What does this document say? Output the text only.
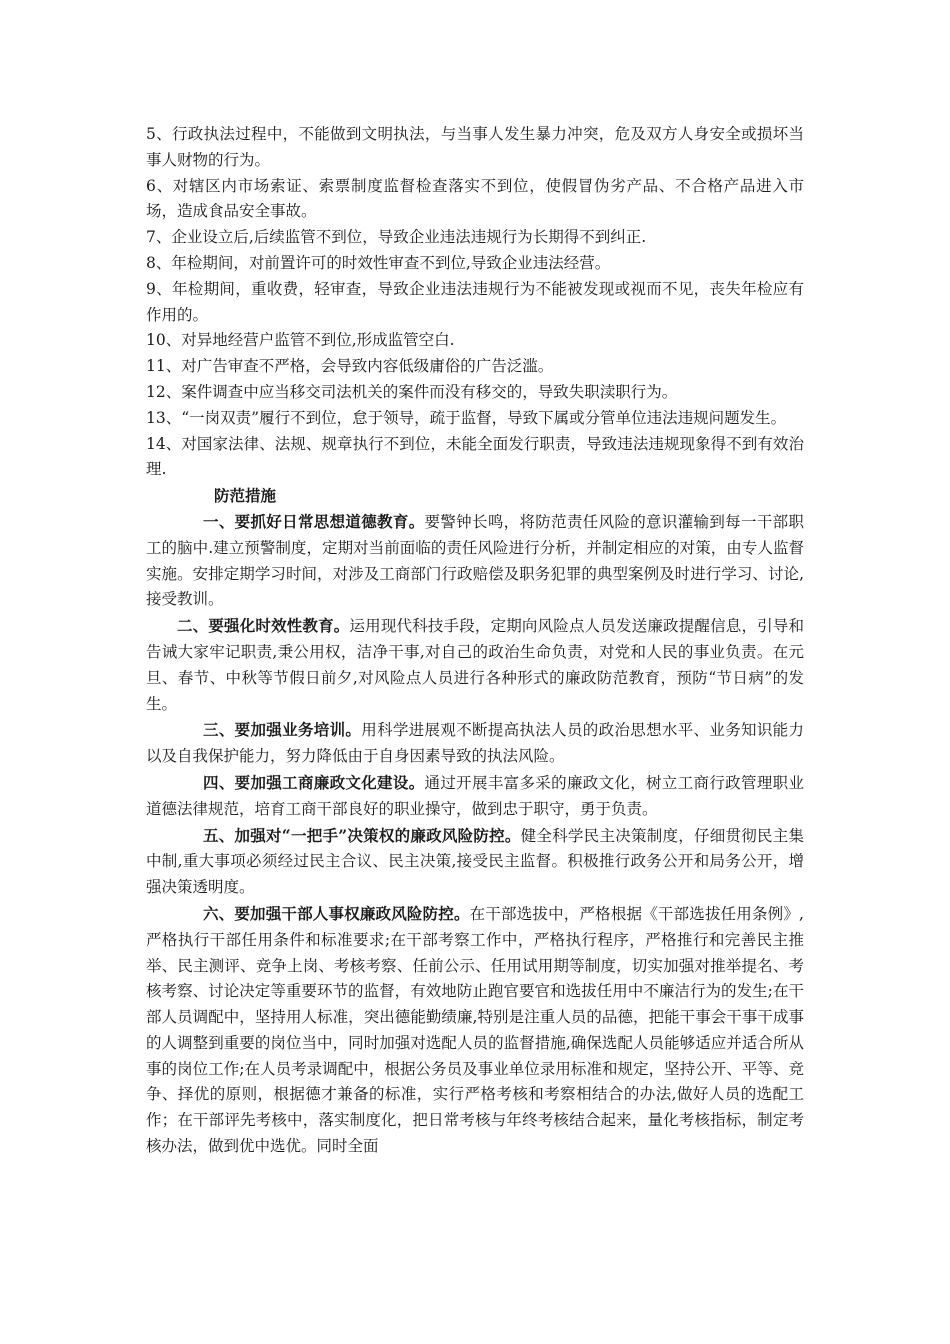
5、行政执法过程中，不能做到文明执法，与当事人发生暴力冲突，危及双方人身安全或损坏当事人财物的行为。

6、对辖区内市场索证、索票制度监督检查落实不到位，使假冒伪劣产品、不合格产品进入市场，造成食品安全事故。

7、企业设立后,后续监管不到位，导致企业违法违规行为长期得不到纠正.

8、年检期间，对前置许可的时效性审查不到位,导致企业违法经营。

9、年检期间，重收费，轻审查，导致企业违法违规行为不能被发现或视而不见，丧失年检应有作用的。

10、对异地经营户监管不到位,形成监管空白.

11、对广告审查不严格，会导致内容低级庸俗的广告泛滥。

12、案件调查中应当移交司法机关的案件而没有移交的，导致失职渎职行为。

13、“一岗双责”履行不到位，怠于领导，疏于监督，导致下属或分管单位违法违规问题发生。

14、对国家法律、法规、规章执行不到位，未能全面发行职责，导致违法违规现象得不到有效治理.

防范措施

一、要抓好日常思想道德教育。要警钟长鸣，将防范责任风险的意识灌输到每一干部职工的脑中.建立预警制度，定期对当前面临的责任风险进行分析，并制定相应的对策，由专人监督实施。安排定期学习时间，对涉及工商部门行政赔偿及职务犯罪的典型案例及时进行学习、讨论,接受教训。

二、要强化时效性教育。运用现代科技手段，定期向风险点人员发送廉政提醒信息，引导和告诫大家牢记职责,秉公用权，洁净干事,对自己的政治生命负责，对党和人民的事业负责。在元旦、春节、中秋等节假日前夕,对风险点人员进行各种形式的廉政防范教育，预防“节日病”的发生。

三、要加强业务培训。用科学进展观不断提高执法人员的政治思想水平、业务知识能力以及自我保护能力，努力降低由于自身因素导致的执法风险。

四、要加强工商廉政文化建设。通过开展丰富多采的廉政文化，树立工商行政管理职业道德法律规范，培育工商干部良好的职业操守，做到忠于职守，勇于负责。

五、加强对“一把手”决策权的廉政风险防控。健全科学民主决策制度，仔细贯彻民主集中制,重大事项必须经过民主合议、民主决策,接受民主监督。积极推行政务公开和局务公开，增强决策透明度。

六、要加强干部人事权廉政风险防控。在干部选拔中，严格根据《干部选拔任用条例》,严格执行干部任用条件和标准要求;在干部考察工作中，严格执行程序，严格推行和完善民主推举、民主测评、竞争上岗、考核考察、任前公示、任用试用期等制度，切实加强对推举提名、考核考察、讨论决定等重要环节的监督，有效地防止跑官要官和选拔任用中不廉洁行为的发生;在干部人员调配中，坚持用人标准，突出德能勤绩廉,特别是注重人员的品德，把能干事会干事干成事的人调整到重要的岗位当中，同时加强对选配人员的监督措施,确保选配人员能够适应并适合所从事的岗位工作;在人员考录调配中，根据公务员及事业单位录用标准和规定，坚持公开、平等、竞争、择优的原则，根据德才兼备的标准，实行严格考核和考察相结合的办法,做好人员的选配工作；在干部评先考核中，落实制度化，把日常考核与年终考核结合起来，量化考核指标，制定考核办法，做到优中选优。同时全面
